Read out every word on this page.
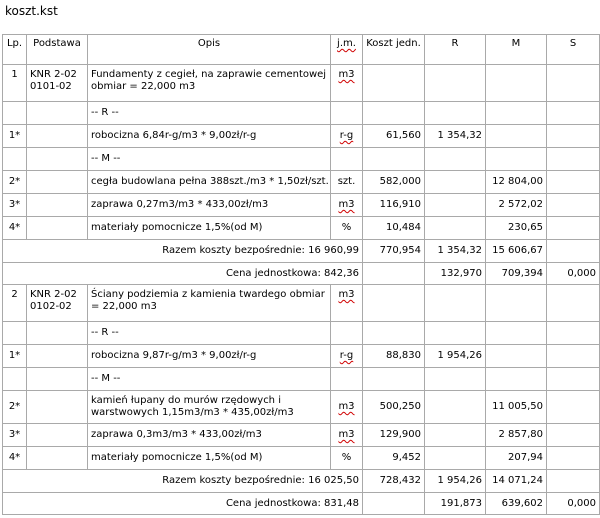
koszt.kst
Lp.	Podstawa	Opis	j.m.	Koszt jedn.	R	M	S
1	KNR 2-02 0101-02	Fundamenty z cegieł, na zaprawie cementowej obmiar = 22,000 m3	m3				
		-- R --					
1*		robocizna 6,84r-g/m3 * 9,00zł/r-g	r-g	61,560	1 354,32		
		-- M --					
2*		cegła budowlana pełna 388szt./m3 * 1,50zł/szt.	szt.	582,000		12 804,00	
3*		zaprawa 0,27m3/m3 * 433,00zł/m3	m3	116,910		2 572,02	
4*		materiały pomocnicze 1,5%(od M)	%	10,484		230,65	
Razem koszty bezpośrednie: 16 960,99				770,954	1 354,32	15 606,67	
Cena jednostkowa: 842,36					132,970	709,394	0,000
2	KNR 2-02 0102-02	Ściany podziemia z kamienia twardego obmiar = 22,000 m3	m3				
		-- R --					
1*		robocizna 9,87r-g/m3 * 9,00zł/r-g	r-g	88,830	1 954,26		
		-- M --					
2*		kamień łupany do murów rzędowych i warstwowych 1,15m3/m3 * 435,00zł/m3	m3	500,250		11 005,50	
3*		zaprawa 0,3m3/m3 * 433,00zł/m3	m3	129,900		2 857,80	
4*		materiały pomocnicze 1,5%(od M)	%	9,452		207,94	
Razem koszty bezpośrednie: 16 025,50				728,432	1 954,26	14 071,24	
Cena jednostkowa: 831,48					191,873	639,602	0,000
